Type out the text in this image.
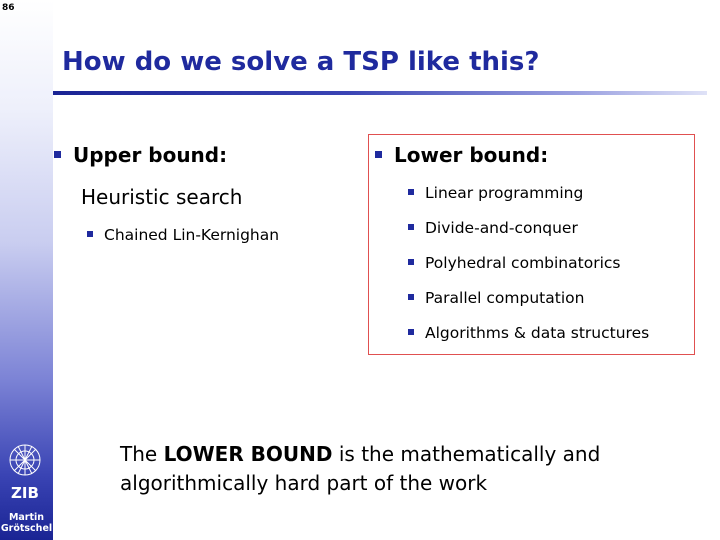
86
ZIB
Martin
Grötschel
How do we solve a TSP like this?
Upper bound:
Heuristic search
Chained Lin-Kernighan
Lower bound:
Linear programming
Divide-and-conquer
Polyhedral combinatorics
Parallel computation
Algorithms & data structures
The LOWER BOUND is the mathematically and algorithmically hard part of the work
